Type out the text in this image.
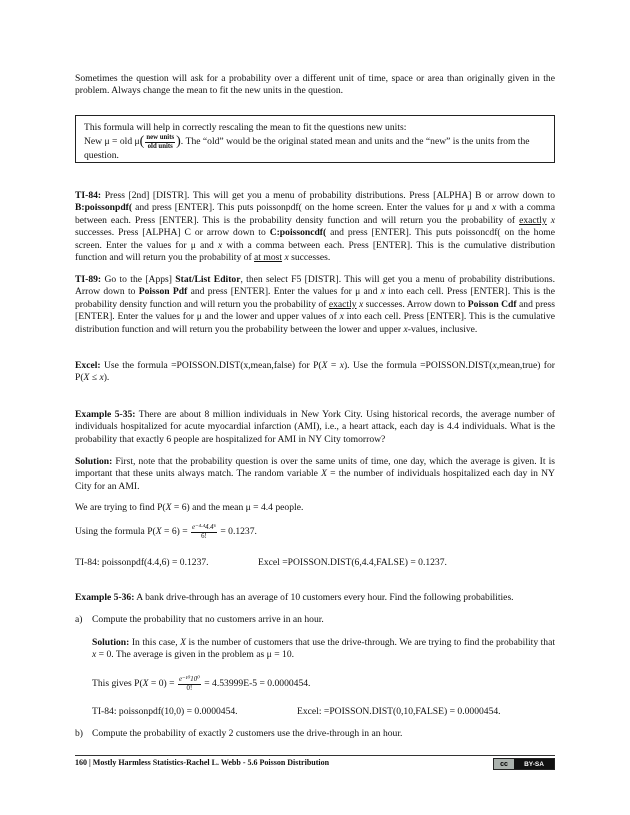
Sometimes the question will ask for a probability over a different unit of time, space or area than originally given in the problem. Always change the mean to fit the new units in the question.

This formula will help in correctly rescaling the mean to fit the questions new units:
New μ = old $\mu( \frac{\text{new units}}{\text{old units}}$ ). The “old” would be the original stated mean and units and the “new” is the units from the question.

TI-84: Press [2nd] [DISTR]. This will get you a menu of probability distributions. Press [ALPHA] B or arrow down to B:poissonpdf( and press [ENTER]. This puts poissonpdf( on the home screen. Enter the values for μ and x with a comma between each. Press [ENTER]. This is the probability density function and will return you the probability of exactly x successes. Press [ALPHA] C or arrow down to C:poissoncdf( and press [ENTER]. This puts poissoncdf( on the home screen. Enter the values for μ and x with a comma between each. Press [ENTER]. This is the cumulative distribution function and will return you the probability of at most x successes.

TI-89: Go to the [Apps] Stat/List Editor, then select F5 [DISTR]. This will get you a menu of probability distributions. Arrow down to Poisson Pdf and press [ENTER]. Enter the values for μ and x into each cell. Press [ENTER]. This is the probability density function and will return you the probability of exactly x successes. Arrow down to Poisson Cdf and press [ENTER]. Enter the values for μ and the lower and upper values of x into each cell. Press [ENTER]. This is the cumulative distribution function and will return you the probability between the lower and upper x-values, inclusive.

Excel: Use the formula =POISSON.DIST(x,mean,false) for P(X = x). Use the formula =POISSON.DIST(x,mean,true) for P(X ≤ x).

Example 5-35: There are about 8 million individuals in New York City. Using historical records, the average number of individuals hospitalized for acute myocardial infarction (AMI), i.e., a heart attack, each day is 4.4 individuals. What is the probability that exactly 6 people are hospitalized for AMI in NY City tomorrow?

Solution: First, note that the probability question is over the same units of time, one day, which the average is given. It is important that these units always match. The random variable X = the number of individuals hospitalized each day in NY City for an AMI.

We are trying to find P(X = 6) and the mean μ = 4.4 people.

Using the formula $P(X = 6) = \frac{\text{e⁻⁴·⁴4.4⁶}}{6!} = 0.1237$.
TI-84: poissonpdf(4.4,6) = 0.1237.	Excel =POISSON.DIST(6,4.4,FALSE) = 0.1237.

Example 5-36: A bank drive-through has an average of 10 customers every hour. Find the following probabilities.

a) Compute the probability that no customers arrive in an hour.

Solution: In this case, X is the number of customers that use the drive-through. We are trying to find the probability that x = 0. The average is given in the problem as μ = 10.

This gives $P(X = 0) = \frac{\text{e⁻¹⁰10⁰}}{0!} = 4.53999E-5 = 0.0000454$.
TI-84: poissonpdf(10,0) = 0.0000454.	Excel: =POISSON.DIST(0,10,FALSE) = 0.0000454.
b) Compute the probability of exactly 2 customers use the drive-through in an hour.

160 | Mostly Harmless Statistics-Rachel L. Webb - 5.6 Poisson Distribution	cc	BY-SA
